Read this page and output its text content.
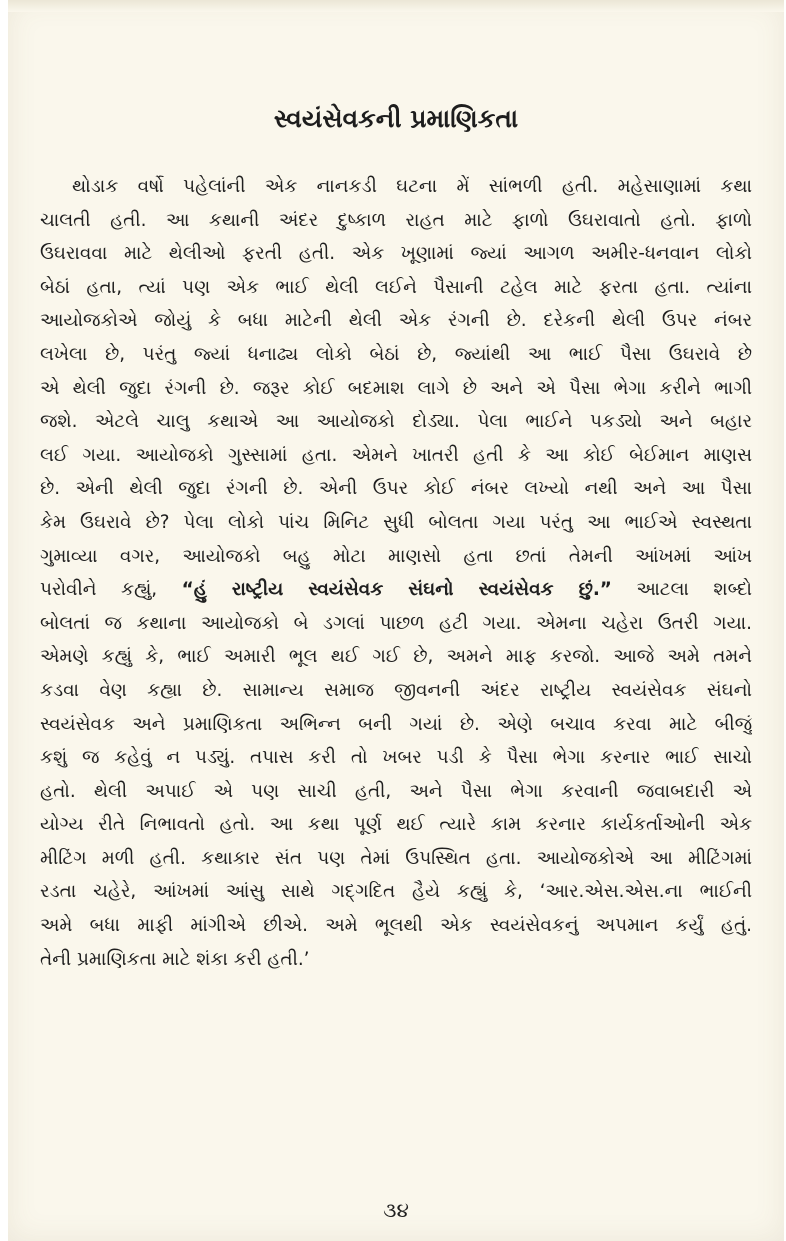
સ્વયંસેવકની પ્રમાણિકતા

થોડાક વર્ષો પહેલાંની એક નાનકડી ઘટના મેં સાંભળી હતી. મહેસાણામાં કથા
ચાલતી હતી. આ કથાની અંદર દુષ્કાળ રાહત માટે ફાળો ઉઘરાવાતો હતો. ફાળો
ઉઘરાવવા માટે થેલીઓ ફરતી હતી. એક ખૂણામાં જ્યાં આગળ અમીર-ધનવાન લોકો
બેઠાં હતા, ત્યાં પણ એક ભાઈ થેલી લઈને પૈસાની ટહેલ માટે ફરતા હતા. ત્યાંના
આયોજકોએ જોયું કે બધા માટેની થેલી એક રંગની છે. દરેકની થેલી ઉપર નંબર
લખેલા છે, પરંતુ જ્યાં ધનાઢ્ય લોકો બેઠાં છે, જ્યાંથી આ ભાઈ પૈસા ઉઘરાવે છે
એ થેલી જુદા રંગની છે. જરૂર કોઈ બદમાશ લાગે છે અને એ પૈસા ભેગા કરીને ભાગી
જશે. એટલે ચાલુ કથાએ આ આયોજકો દોડ્યા. પેલા ભાઈને પકડ્યો અને બહાર
લઈ ગયા. આયોજકો ગુસ્સામાં હતા. એમને ખાતરી હતી કે આ કોઈ બેઈમાન માણસ
છે. એની થેલી જુદા રંગની છે. એની ઉપર કોઈ નંબર લખ્યો નથી અને આ પૈસા
કેમ ઉઘરાવે છે? પેલા લોકો પાંચ મિનિટ સુધી બોલતા ગયા પરંતુ આ ભાઈએ સ્વસ્થતા
ગુમાવ્યા વગર, આયોજકો બહુ મોટા માણસો હતા છતાં તેમની આંખમાં આંખ
પરોવીને કહ્યું, “હું રાષ્ટ્રીય સ્વયંસેવક સંઘનો સ્વયંસેવક છું.” આટલા શબ્દો
બોલતાં જ કથાના આયોજકો બે ડગલાં પાછળ હટી ગયા. એમના ચહેરા ઉતરી ગયા.
એમણે કહ્યું કે, ભાઈ અમારી ભૂલ થઈ ગઈ છે, અમને માફ કરજો. આજે અમે તમને
કડવા વેણ કહ્યા છે. સામાન્ય સમાજ જીવનની અંદર રાષ્ટ્રીય સ્વયંસેવક સંઘનો
સ્વયંસેવક અને પ્રમાણિકતા અભિન્ન બની ગયાં છે. એણે બચાવ કરવા માટે બીજું
કશું જ કહેવું ન પડ્યું. તપાસ કરી તો ખબર પડી કે પૈસા ભેગા કરનાર ભાઈ સાચો
હતો. થેલી અપાઈ એ પણ સાચી હતી, અને પૈસા ભેગા કરવાની જવાબદારી એ
યોગ્ય રીતે નિભાવતો હતો. આ કથા પૂર્ણ થઈ ત્યારે કામ કરનાર કાર્યકર્તાઓની એક
મીટિંગ મળી હતી. કથાકાર સંત પણ તેમાં ઉપસ્થિત હતા. આયોજકોએ આ મીટિંગમાં
રડતા ચહેરે, આંખમાં આંસુ સાથે ગદ્ગદિત હૈયે કહ્યું કે, ‘આર.એસ.એસ.ના ભાઈની
અમે બધા માફી માંગીએ છીએ. અમે ભૂલથી એક સ્વયંસેવકનું અપમાન કર્યું હતું.
તેની પ્રમાણિકતા માટે શંકા કરી હતી.’

૩૪
